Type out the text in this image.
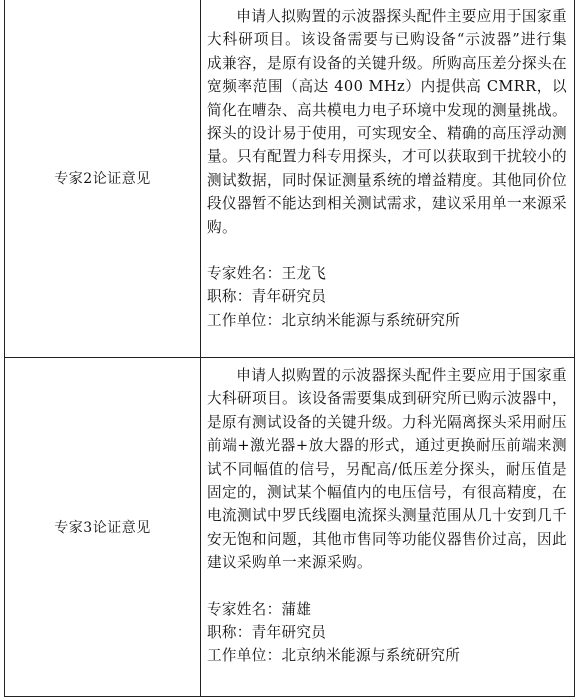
专家2论证意见	申请人拟购置的示波器探头配件主要应用于国家重大科研项目。该设备需要与已购设备“示波器”进行集成兼容，是原有设备的关键升级。所购高压差分探头在宽频率范围（高达 400 MHz）内提供高 CMRR，以简化在嘈杂、高共模电力电子环境中发现的测量挑战。探头的设计易于使用，可实现安全、精确的高压浮动测量。只有配置力科专用探头，才可以获取到干扰较小的测试数据，同时保证测量系统的增益精度。其他同价位段仪器暂不能达到相关测试需求，建议采用单一来源采购。

专家姓名：王龙飞

职称：青年研究员

工作单位：北京纳米能源与系统研究所

专家3论证意见	申请人拟购置的示波器探头配件主要应用于国家重大科研项目。该设备需要集成到研究所已购示波器中，是原有测试设备的关键升级。力科光隔离探头采用耐压前端+激光器+放大器的形式，通过更换耐压前端来测试不同幅值的信号，另配高/低压差分探头，耐压值是固定的，测试某个幅值内的电压信号，有很高精度，在电流测试中罗氏线圈电流探头测量范围从几十安到几千安无饱和问题，其他市售同等功能仪器售价过高，因此建议采购单一来源采购。

专家姓名：蒲雄

职称：青年研究员

工作单位：北京纳米能源与系统研究所
